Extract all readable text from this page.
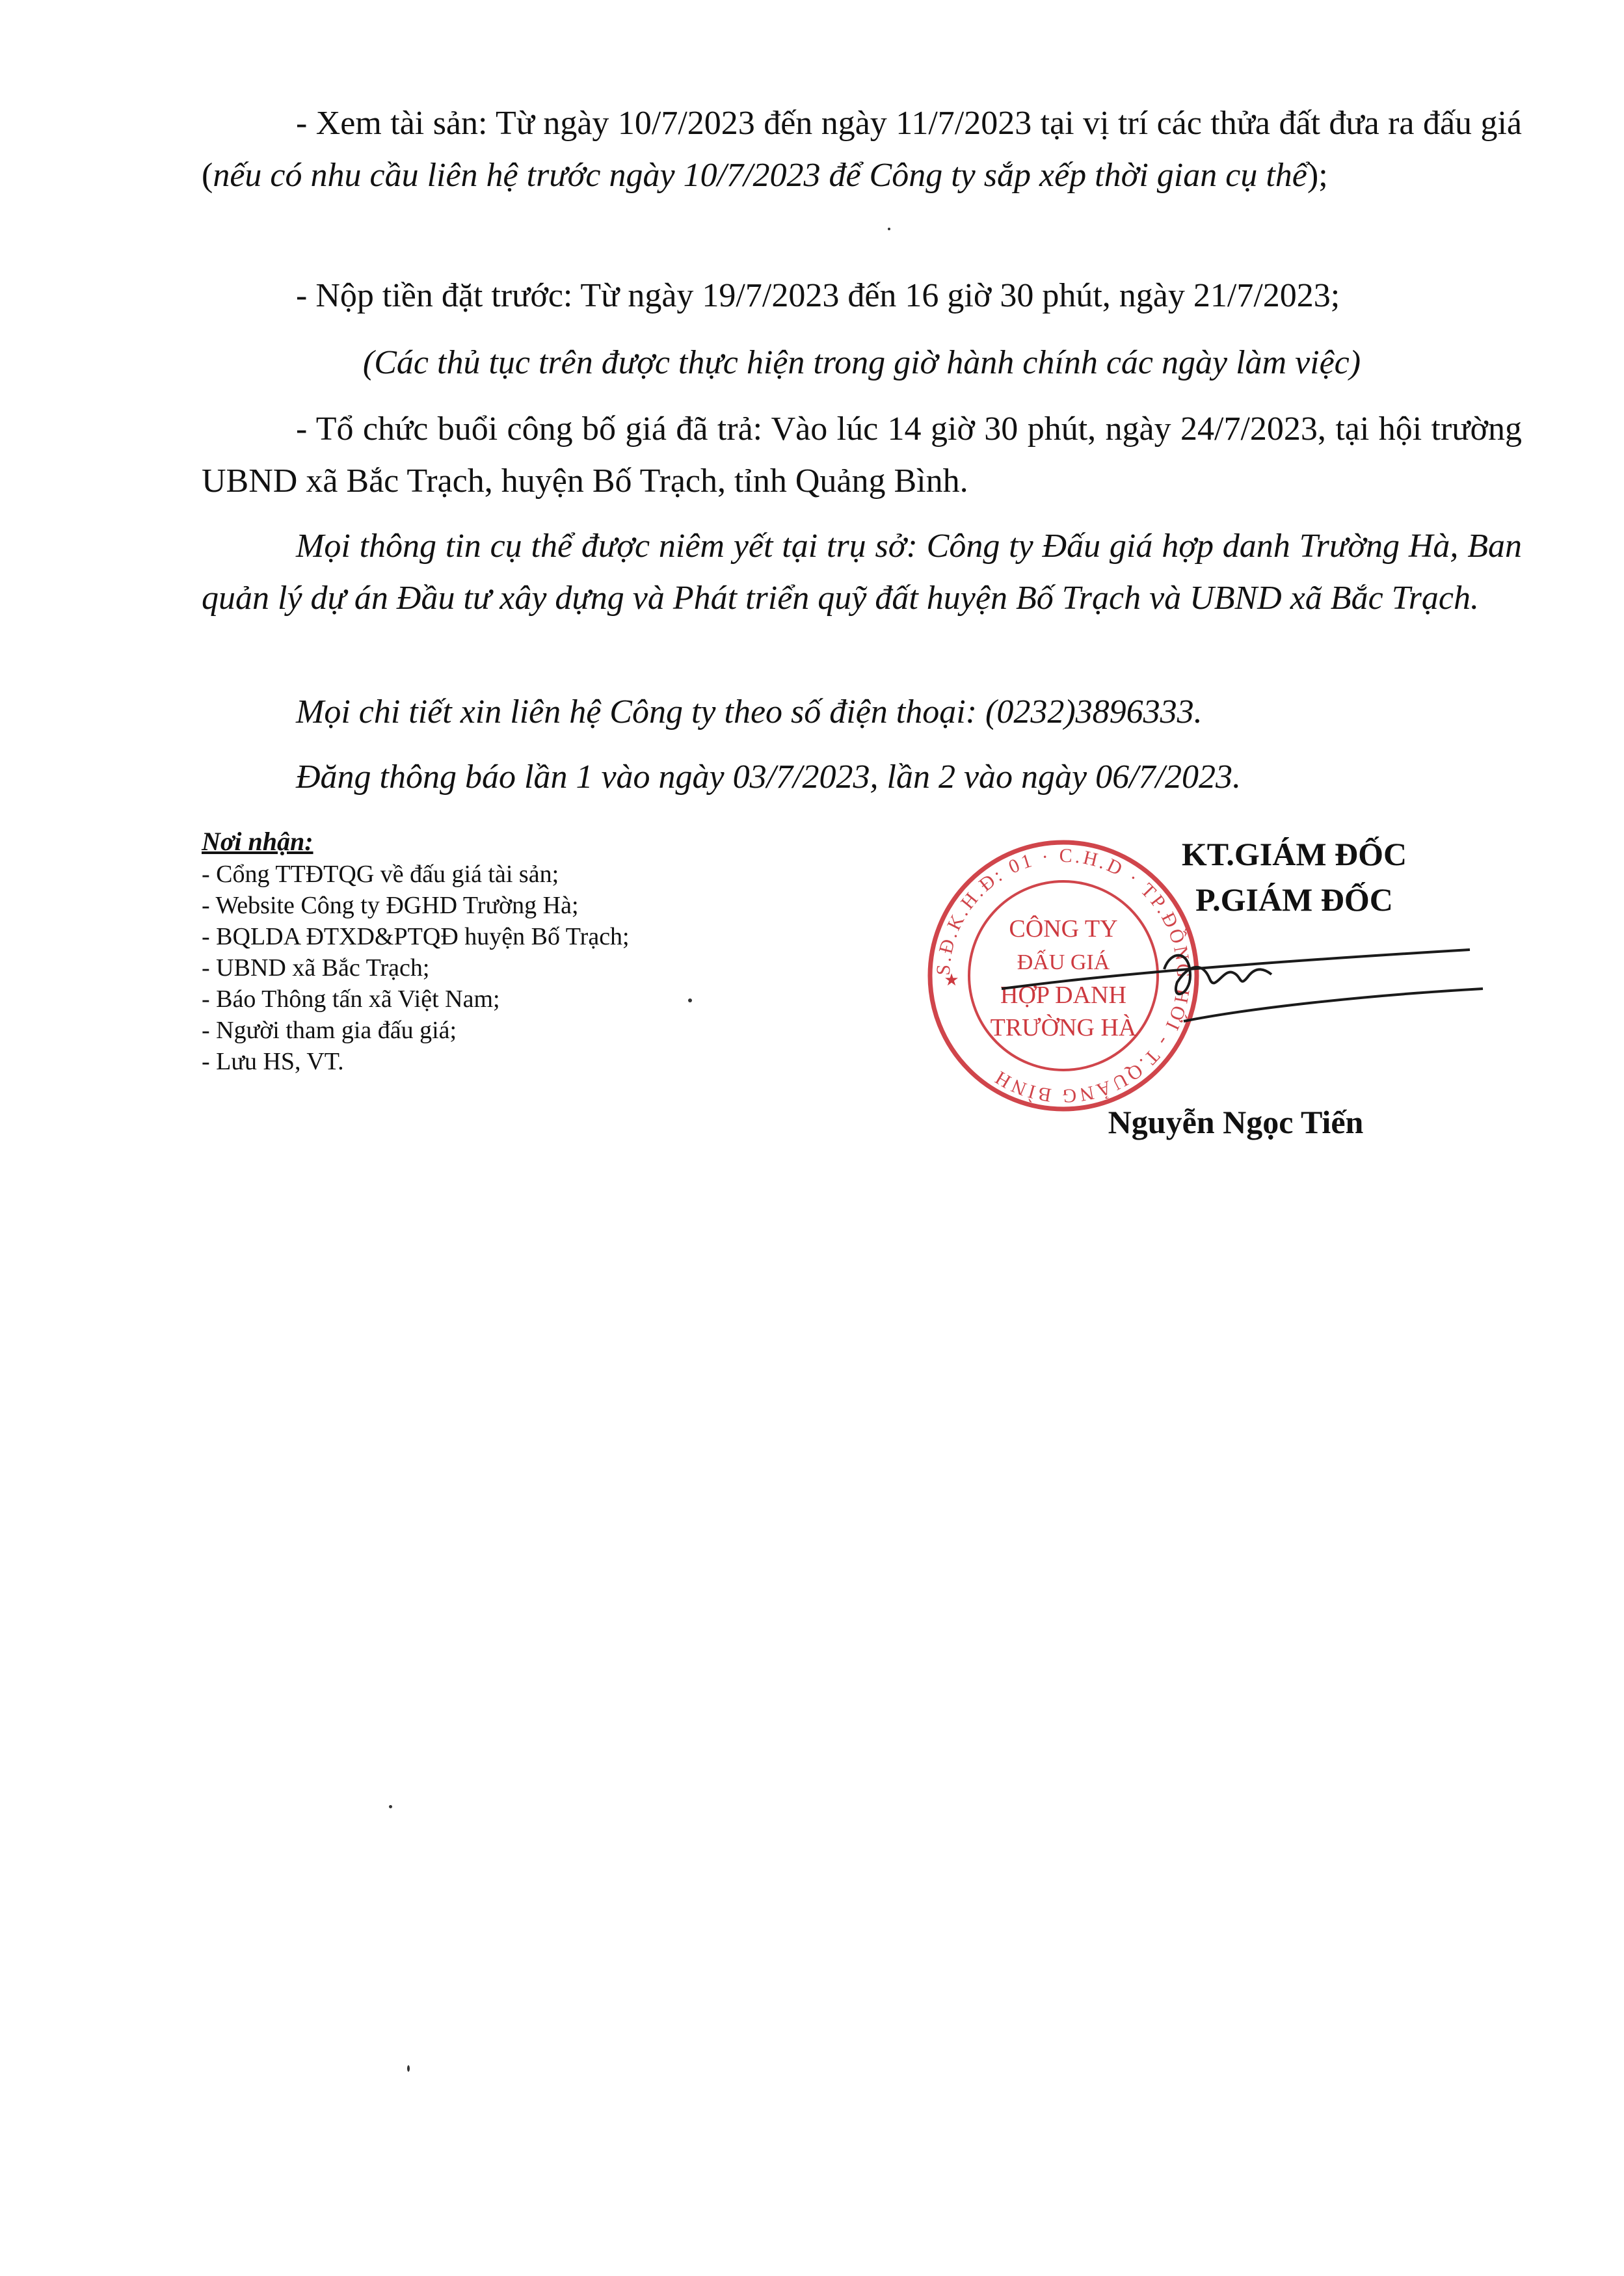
- Xem tài sản: Từ ngày 10/7/2023 đến ngày 11/7/2023 tại vị trí các thửa đất đưa ra đấu giá (nếu có nhu cầu liên hệ trước ngày 10/7/2023 để Công ty sắp xếp thời gian cụ thể);
- Nộp tiền đặt trước: Từ ngày 19/7/2023 đến 16 giờ 30 phút, ngày 21/7/2023;
(Các thủ tục trên được thực hiện trong giờ hành chính các ngày làm việc)
- Tổ chức buổi công bố giá đã trả: Vào lúc 14 giờ 30 phút, ngày 24/7/2023, tại hội trường UBND xã Bắc Trạch, huyện Bố Trạch, tỉnh Quảng Bình.
Mọi thông tin cụ thể được niêm yết tại trụ sở: Công ty Đấu giá hợp danh Trường Hà, Ban quản lý dự án Đầu tư xây dựng và Phát triển quỹ đất huyện Bố Trạch và UBND xã Bắc Trạch.
Mọi chi tiết xin liên hệ Công ty theo số điện thoại: (0232)3896333.
Đăng thông báo lần 1 vào ngày 03/7/2023, lần 2 vào ngày 06/7/2023.
Nơi nhận:
- Cổng TTĐTQG về đấu giá tài sản;
- Website Công ty ĐGHD Trường Hà;
- BQLDA ĐTXD&PTQĐ huyện Bố Trạch;
- UBND xã Bắc Trạch;
- Báo Thông tấn xã Việt Nam;
- Người tham gia đấu giá;
- Lưu HS, VT.
S.Đ.K.H.Đ: 01 · C.H.D · TP.ĐỒNG HỚI - T.QUẢNG BÌNH
CÔNG TY
ĐẤU GIÁ
HỢP DANH
TRƯỜNG HÀ
★
KT.GIÁM ĐỐC
P.GIÁM ĐỐC
Nguyễn Ngọc Tiến
